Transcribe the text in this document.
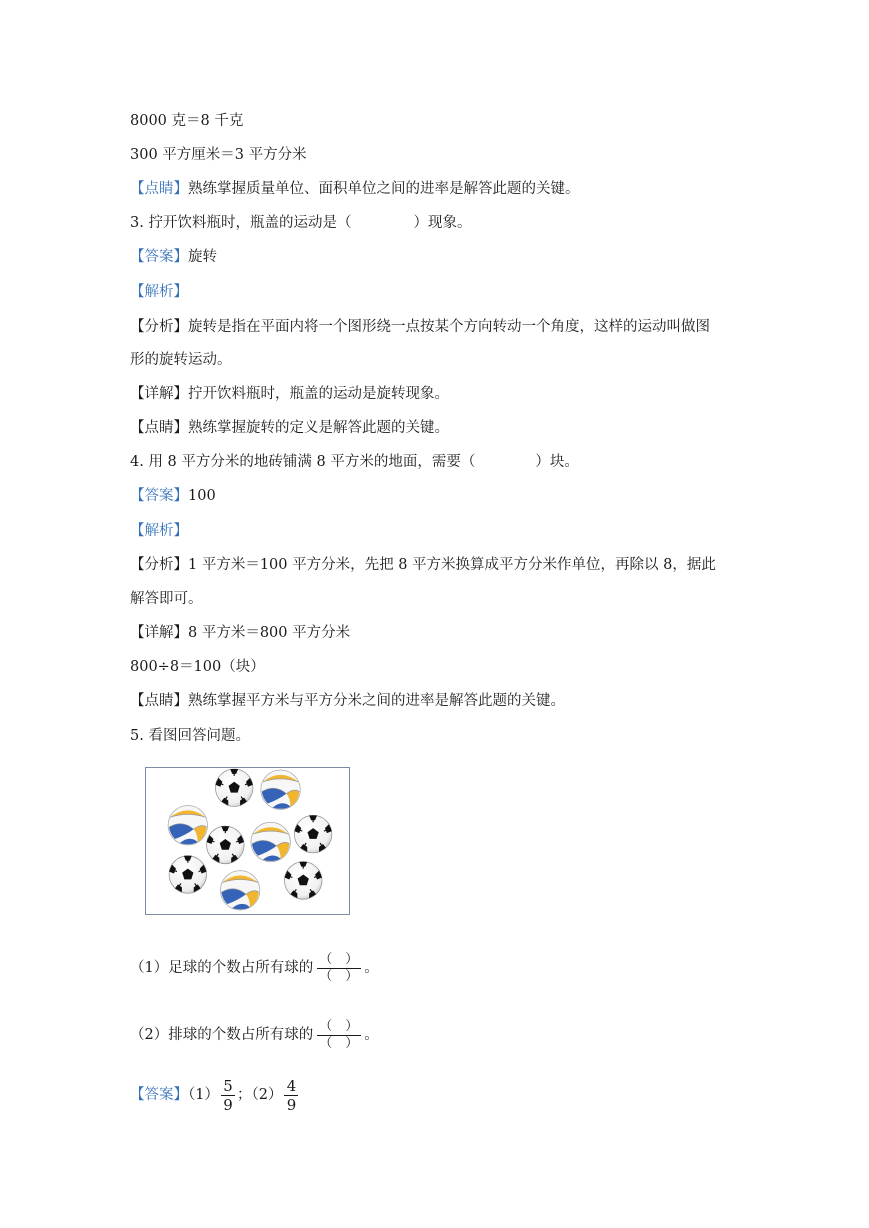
8000 克＝8 千克
300 平方厘米＝3 平方分米
【点睛】熟练掌握质量单位、面积单位之间的进率是解答此题的关键。
3. 拧开饮料瓶时，瓶盖的运动是（	）现象。
【答案】旋转
【解析】
【分析】旋转是指在平面内将一个图形绕一点按某个方向转动一个角度，这样的运动叫做图
形的旋转运动。
【详解】拧开饮料瓶时，瓶盖的运动是旋转现象。
【点睛】熟练掌握旋转的定义是解答此题的关键。
4. 用 8 平方分米的地砖铺满 8 平方米的地面，需要（	）块。
【答案】100
【解析】
【分析】1 平方米＝100 平方分米，先把 8 平方米换算成平方分米作单位，再除以 8，据此
解答即可。
【详解】8 平方米＝800 平方分米
800÷8＝100（块）
【点睛】熟练掌握平方米与平方分米之间的进率是解答此题的关键。
5. 看图回答问题。
（1）足球的个数占所有球的 $\frac{( )}{( )}$ 。
（2）排球的个数占所有球的 $\frac{( )}{( )}$ 。
【答案】$(1) \frac{5}{9}$ ；$(2) \frac{4}{9}$
